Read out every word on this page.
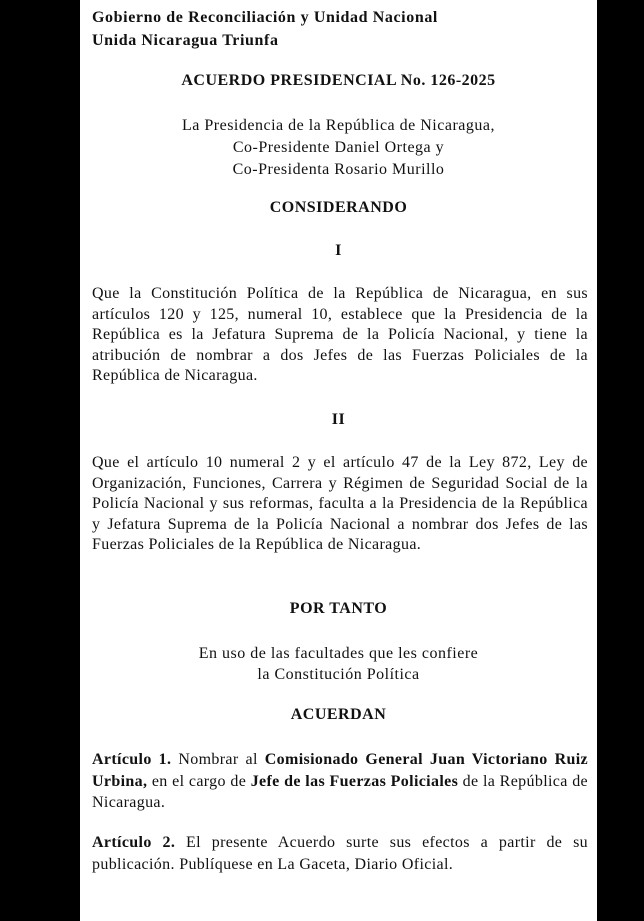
Gobierno de Reconciliación y Unidad Nacional
Unida Nicaragua Triunfa
ACUERDO PRESIDENCIAL No. 126-2025
La Presidencia de la República de Nicaragua,
Co-Presidente Daniel Ortega y
Co-Presidenta Rosario Murillo
CONSIDERANDO
I
Que la Constitución Política de la República de Nicaragua, en sus artículos 120 y 125, numeral 10, establece que la Presidencia de la República es la Jefatura Suprema de la Policía Nacional, y tiene la atribución de nombrar a dos Jefes de las Fuerzas Policiales de la República de Nicaragua.
II
Que el artículo 10 numeral 2 y el artículo 47 de la Ley 872, Ley de Organización, Funciones, Carrera y Régimen de Seguridad Social de la Policía Nacional y sus reformas, faculta a la Presidencia de la República y Jefatura Suprema de la Policía Nacional a nombrar dos Jefes de las Fuerzas Policiales de la República de Nicaragua.
POR TANTO
En uso de las facultades que les confiere
la Constitución Política
ACUERDAN
Artículo 1. Nombrar al Comisionado General Juan Victoriano Ruiz Urbina, en el cargo de Jefe de las Fuerzas Policiales de la República de Nicaragua.
Artículo 2. El presente Acuerdo surte sus efectos a partir de su publicación. Publíquese en La Gaceta, Diario Oficial.
